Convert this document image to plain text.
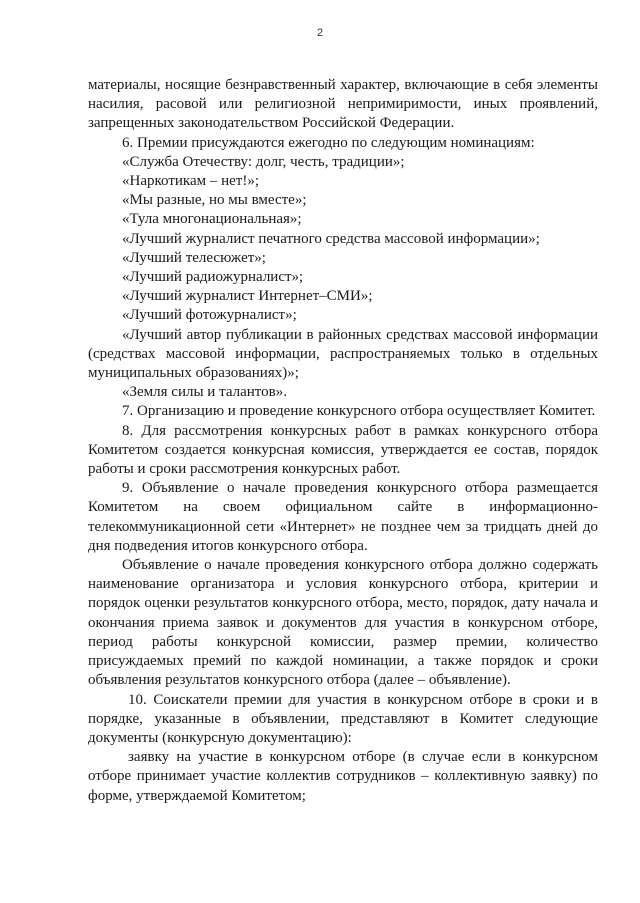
2

материалы, носящие безнравственный характер, включающие в себя элементы насилия, расовой или религиозной непримиримости, иных проявлений, запрещенных законодательством Российской Федерации.

6. Премии присуждаются ежегодно по следующим номинациям:

«Служба Отечеству: долг, честь, традиции»;

«Наркотикам – нет!»;

«Мы разные, но мы вместе»;

«Тула многонациональная»;

«Лучший журналист печатного средства массовой информации»;

«Лучший телесюжет»;

«Лучший радиожурналист»;

«Лучший журналист Интернет–СМИ»;

«Лучший фотожурналист»;

«Лучший автор публикации в районных средствах массовой информации (средствах массовой информации, распространяемых только в отдельных муниципальных образованиях)»;

«Земля силы и талантов».

7. Организацию и проведение конкурсного отбора осуществляет Комитет.

8. Для рассмотрения конкурсных работ в рамках конкурсного отбора Комитетом создается конкурсная комиссия, утверждается ее состав, порядок работы и сроки рассмотрения конкурсных работ.

9. Объявление о начале проведения конкурсного отбора размещается Комитетом на своем официальном сайте в информационно-телекоммуникационной сети «Интернет» не позднее чем за тридцать дней до дня подведения итогов конкурсного отбора.

Объявление о начале проведения конкурсного отбора должно содержать наименование организатора и условия конкурсного отбора, критерии и порядок оценки результатов конкурсного отбора, место, порядок, дату начала и окончания приема заявок и документов для участия в конкурсном отборе, период работы конкурсной комиссии, размер премии, количество присуждаемых премий по каждой номинации, а также порядок и сроки объявления результатов конкурсного отбора (далее – объявление).

10. Соискатели премии для участия в конкурсном отборе в сроки и в порядке, указанные в объявлении, представляют в Комитет следующие документы (конкурсную документацию):

заявку на участие в конкурсном отборе (в случае если в конкурсном отборе принимает участие коллектив сотрудников – коллективную заявку) по форме, утверждаемой Комитетом;
